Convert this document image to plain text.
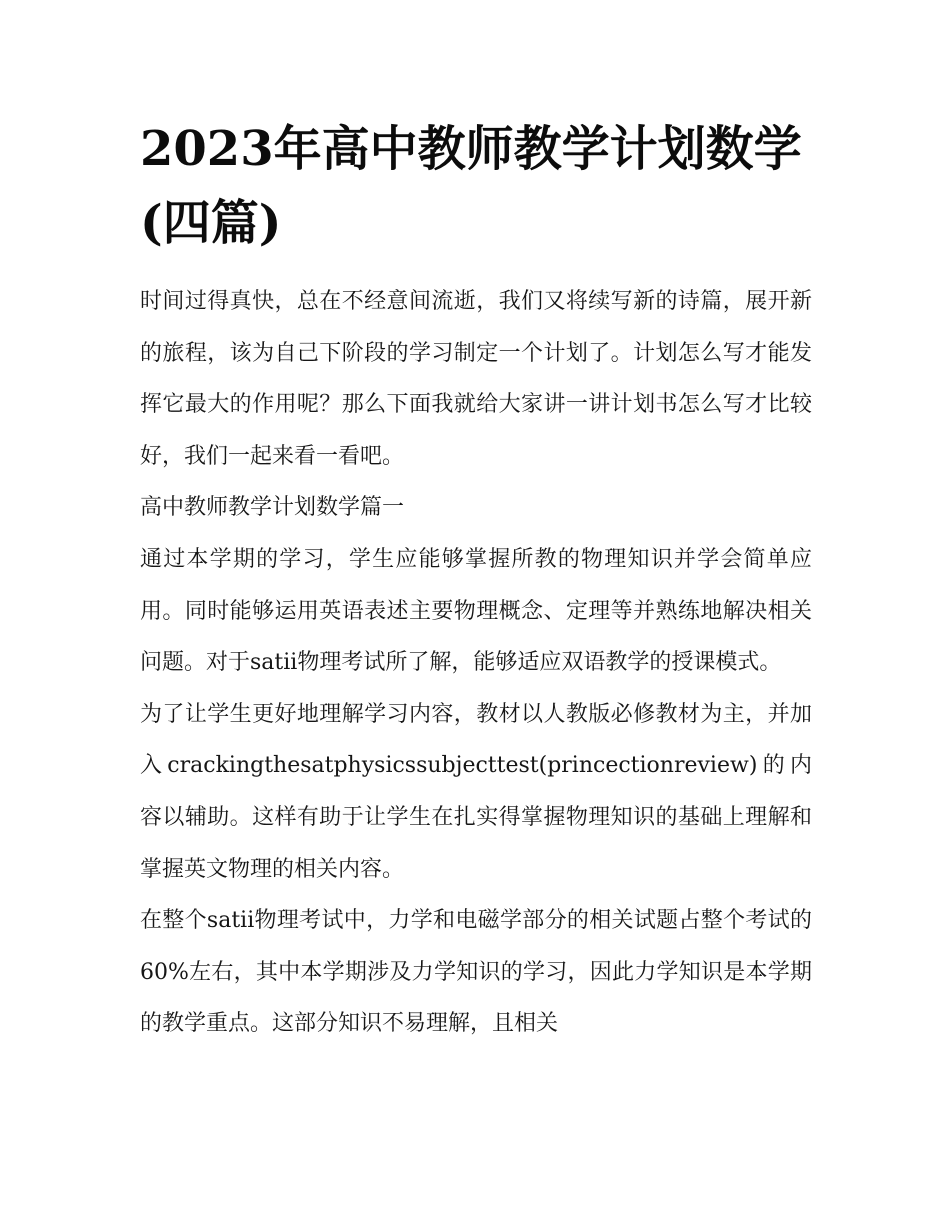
2023年高中教师教学计划数学(四篇)

时间过得真快，总在不经意间流逝，我们又将续写新的诗篇，展开新的旅程，该为自己下阶段的学习制定一个计划了。计划怎么写才能发挥它最大的作用呢？那么下面我就给大家讲一讲计划书怎么写才比较好，我们一起来看一看吧。

高中教师教学计划数学篇一

通过本学期的学习，学生应能够掌握所教的物理知识并学会简单应用。同时能够运用英语表述主要物理概念、定理等并熟练地解决相关问题。对于satii物理考试所了解，能够适应双语教学的授课模式。

为了让学生更好地理解学习内容，教材以人教版必修教材为主，并加入crackingthesatphysicssubjecttest(princectionreview)的内容以辅助。这样有助于让学生在扎实得掌握物理知识的基础上理解和掌握英文物理的相关内容。

在整个satii物理考试中，力学和电磁学部分的相关试题占整个考试的60%左右，其中本学期涉及力学知识的学习，因此力学知识是本学期的教学重点。这部分知识不易理解，且相关
